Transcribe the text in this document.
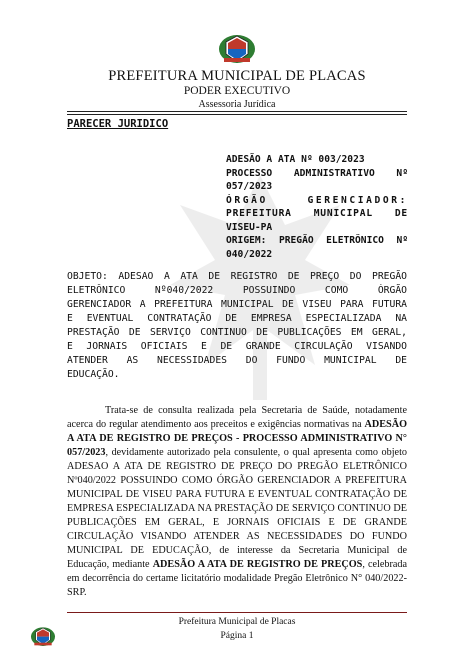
PREFEITURA MUNICIPAL DE PLACAS
PODER EXECUTIVO
Assessoria Jurídica
PARECER JURIDICO
ADESÃO A ATA Nº 003/2023
PROCESSO ADMINISTRATIVO Nº
057/2023
ÓRGÃO GERENCIADOR:
PREFEITURA MUNICIPAL DE
VISEU-PA
ORIGEM: PREGÃO ELETRÔNICO Nº
040/2022
OBJETO: ADESAO A ATA DE REGISTRO DE PREÇO DO PREGÃO
ELETRÔNICO Nº040/2022 POSSUINDO COMO ÓRGÃO
GERENCIADOR A PREFEITURA MUNICIPAL DE VISEU PARA FUTURA
E EVENTUAL CONTRATAÇÃO DE EMPRESA ESPECIALIZADA NA
PRESTAÇÃO DE SERVIÇO CONTINUO DE PUBLICAÇÕES EM GERAL,
E JORNAIS OFICIAIS E DE GRANDE CIRCULAÇÃO VISANDO
ATENDER AS NECESSIDADES DO FUNDO MUNICIPAL DE
EDUCAÇÃO.
Trata-se de consulta realizada pela Secretaria de Saúde, notadamente acerca do regular atendimento aos preceitos e exigências normativas na ADESÃO A ATA DE REGISTRO DE PREÇOS - PROCESSO ADMINISTRATIVO N° 057/2023, devidamente autorizado pela consulente, o qual apresenta como objeto ADESAO A ATA DE REGISTRO DE PREÇO DO PREGÃO ELETRÔNICO Nº040/2022 POSSUINDO COMO ÓRGÃO GERENCIADOR A PREFEITURA MUNICIPAL DE VISEU PARA FUTURA E EVENTUAL CONTRATAÇÃO DE EMPRESA ESPECIALIZADA NA PRESTAÇÃO DE SERVIÇO CONTINUO DE PUBLICAÇÕES EM GERAL, E JORNAIS OFICIAIS E DE GRANDE CIRCULAÇÃO VISANDO ATENDER AS NECESSIDADES DO FUNDO MUNICIPAL DE EDUCAÇÃO, de interesse da Secretaria Municipal de Educação, mediante ADESÃO A ATA DE REGISTRO DE PREÇOS, celebrada em decorrência do certame licitatório modalidade Pregão Eletrônico N° 040/2022-SRP.
Prefeitura Municipal de Placas
Página 1
